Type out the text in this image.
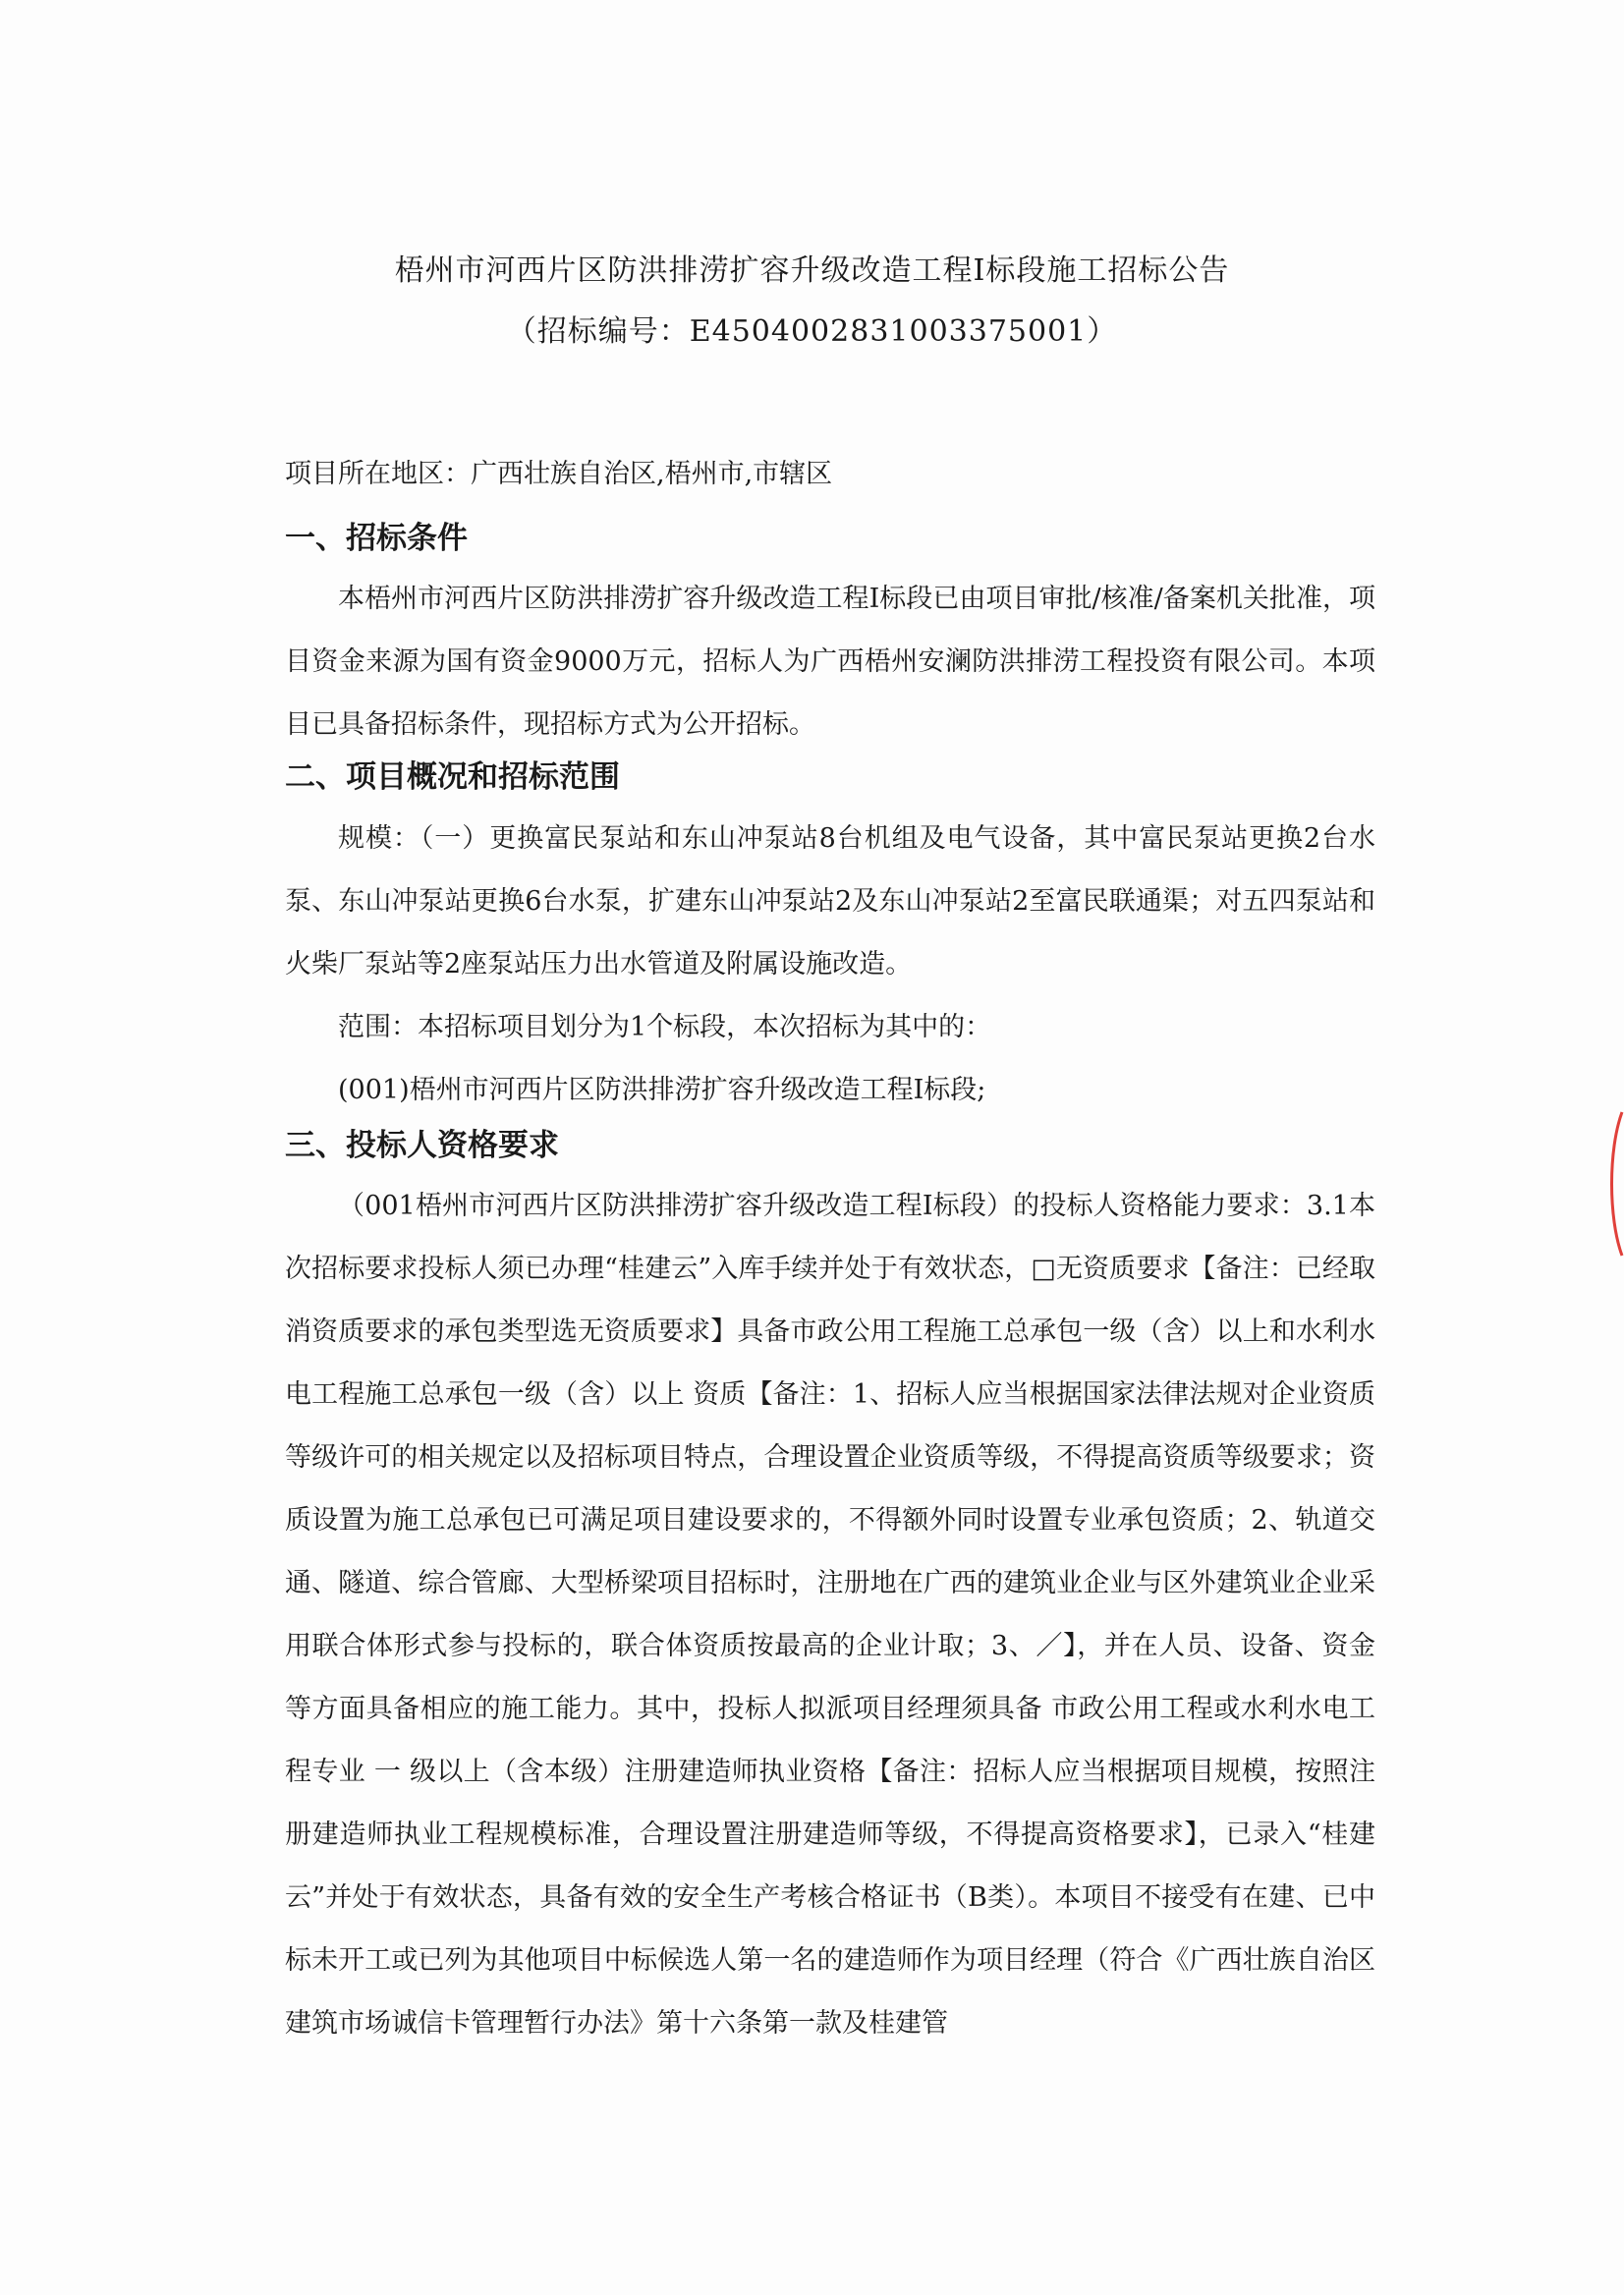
梧州市河西片区防洪排涝扩容升级改造工程Ⅰ标段施工招标公告
（招标编号：E4504002831003375001）
项目所在地区：广西壮族自治区,梧州市,市辖区
一、招标条件

本梧州市河西片区防洪排涝扩容升级改造工程Ⅰ标段已由项目审批/核准/备案机关批准，项目资金来源为国有资金9000万元，招标人为广西梧州安澜防洪排涝工程投资有限公司。本项目已具备招标条件，现招标方式为公开招标。

二、项目概况和招标范围

规模：（一）更换富民泵站和东山冲泵站8台机组及电气设备，其中富民泵站更换2台水泵、东山冲泵站更换6台水泵，扩建东山冲泵站2及东山冲泵站2至富民联通渠；对五四泵站和火柴厂泵站等2座泵站压力出水管道及附属设施改造。

范围：本招标项目划分为1个标段，本次招标为其中的：

(001)梧州市河西片区防洪排涝扩容升级改造工程Ⅰ标段;

三、投标人资格要求

（001梧州市河西片区防洪排涝扩容升级改造工程Ⅰ标段）的投标人资格能力要求：3.1本次招标要求投标人须已办理“桂建云”入库手续并处于有效状态，□无资质要求【备注：已经取消资质要求的承包类型选无资质要求】具备市政公用工程施工总承包一级（含）以上和水利水电工程施工总承包一级（含）以上 资质【备注：1、招标人应当根据国家法律法规对企业资质等级许可的相关规定以及招标项目特点，合理设置企业资质等级，不得提高资质等级要求；资质设置为施工总承包已可满足项目建设要求的，不得额外同时设置专业承包资质；2、轨道交通、隧道、综合管廊、大型桥梁项目招标时，注册地在广西的建筑业企业与区外建筑业企业采用联合体形式参与投标的，联合体资质按最高的企业计取；3、／】，并在人员、设备、资金等方面具备相应的施工能力。其中，投标人拟派项目经理须具备 市政公用工程或水利水电工程专业 一 级以上（含本级）注册建造师执业资格【备注：招标人应当根据项目规模，按照注册建造师执业工程规模标准，合理设置注册建造师等级，不得提高资格要求】，已录入“桂建云”并处于有效状态，具备有效的安全生产考核合格证书（B类）。本项目不接受有在建、已中标未开工或已列为其他项目中标候选人第一名的建造师作为项目经理（符合《广西壮族自治区建筑市场诚信卡管理暂行办法》第十六条第一款及桂建管
